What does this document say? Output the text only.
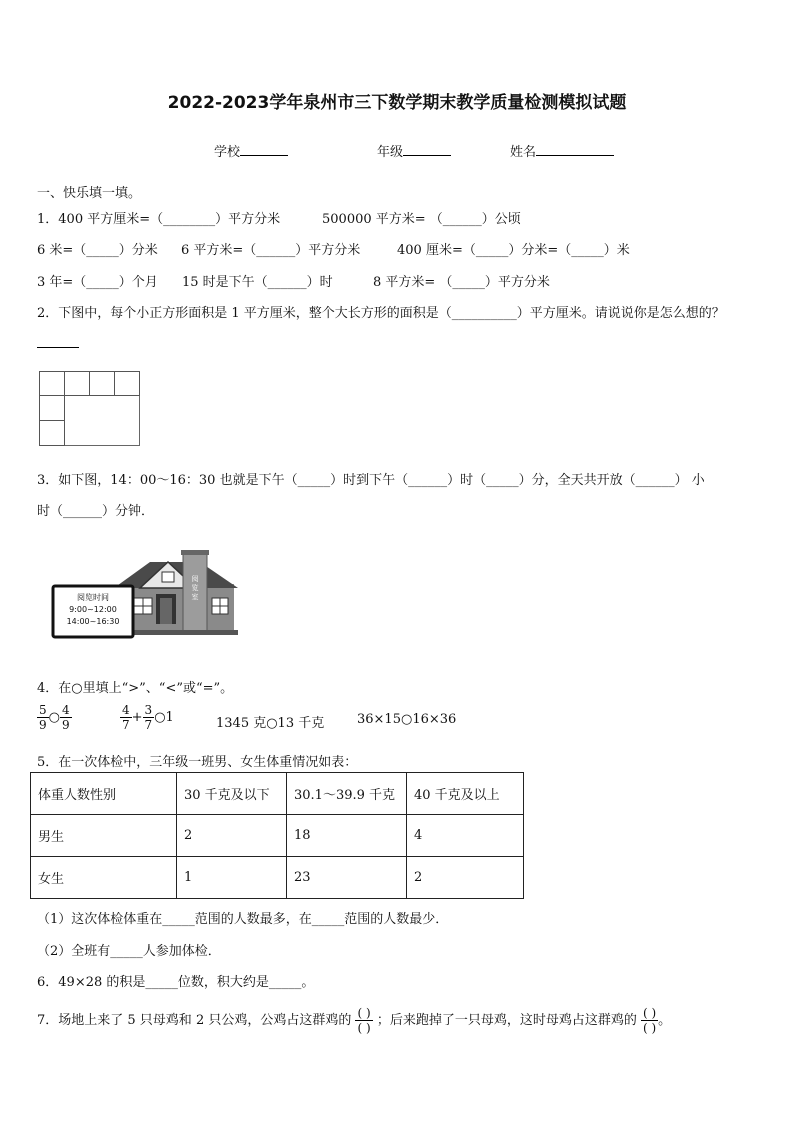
2022-2023学年泉州市三下数学期末教学质量检测模拟试题
学校	年级	姓名
一、快乐填一填。
1．400 平方厘米=（________）平方分米	500000 平方米= （______）公顷
6 米=（_____）分米 6 平方米=（______）平方分米	400 厘米=（_____）分米=（_____）米
3 年=（_____）个月 15 时是下午（______）时	8 平方米= （_____）平方分米
2．下图中，每个小正方形面积是 1 平方厘米，整个大长方形的面积是（__________）平方厘米。请说说你是怎么想的？
3．如下图，14：00～16：30 也就是下午（_____）时到下午（______）时（_____）分，全天共开放（______） 小
时（______）分钟．
阅
览
室
阅览时间
9:00~12:00
14:00~16:30
4．在○里填上“>”、“<”或“=”。
$\frac{5}{9}$ ○ $\frac{4}{9}$	$\frac{4}{7} + \frac{3}{7}$ ○1	1345 克○13 千克	36×15○16×36
5．在一次体检中，三年级一班男、女生体重情况如表：
体重人数性别	30 千克及以下	30.1～39.9 千克	40 千克及以上
男生	2	18	4
女生	1	23	2
（1）这次体检体重在_____范围的人数最多，在_____范围的人数最少．
（2）全班有_____人参加体检．
6．49×28 的积是_____位数，积大约是_____。
7．场地上来了 5 只母鸡和 2 只公鸡，公鸡占这群鸡的 $\frac{( )}{( )}$ ；后来跑掉了一只母鸡，这时母鸡占这群鸡的 $\frac{( )}{( )}$ 。
